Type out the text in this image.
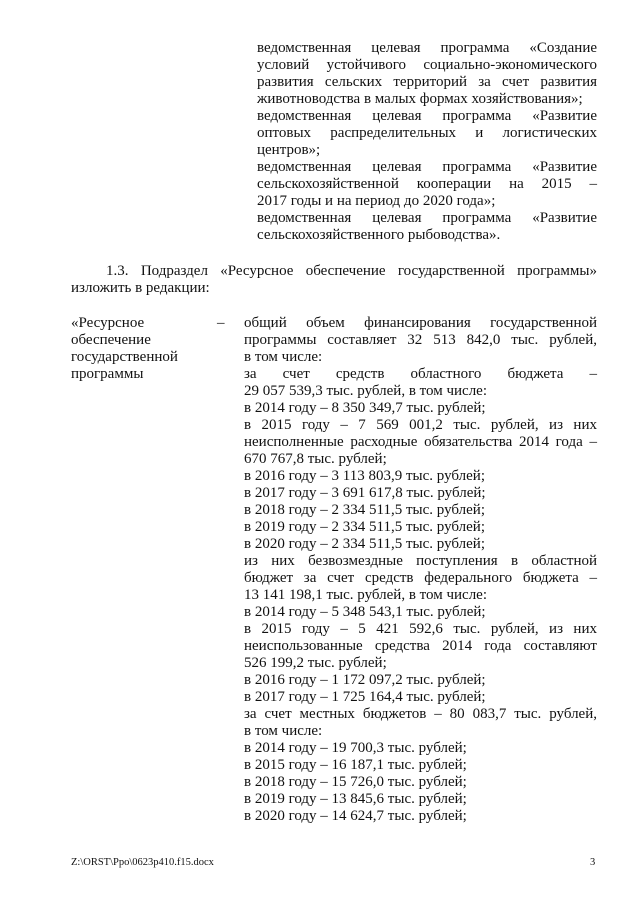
ведомственная целевая программа «Создание
условий устойчивого социально-экономического
развития сельских территорий за счет развития
животноводства в малых формах хозяйствования»;
ведомственная целевая программа «Развитие
оптовых распределительных и логистических
центров»;
ведомственная целевая программа «Развитие
сельскохозяйственной кооперации на 2015 –
2017 годы и на период до 2020 года»;
ведомственная целевая программа «Развитие
сельскохозяйственного рыбоводства».
1.3. Подраздел «Ресурсное обеспечение государственной программы»
изложить в редакции:
«Ресурсное
обеспечение
государственной
программы
– общий объем финансирования государственной
программы составляет 32 513 842,0 тыс. рублей,
в том числе:
за счет средств областного бюджета –
29 057 539,3 тыс. рублей, в том числе:
в 2014 году – 8 350 349,7 тыс. рублей;
в 2015 году – 7 569 001,2 тыс. рублей, из них
неисполненные расходные обязательства 2014 года –
670 767,8 тыс. рублей;
в 2016 году – 3 113 803,9 тыс. рублей;
в 2017 году – 3 691 617,8 тыс. рублей;
в 2018 году – 2 334 511,5 тыс. рублей;
в 2019 году – 2 334 511,5 тыс. рублей;
в 2020 году – 2 334 511,5 тыс. рублей;
из них безвозмездные поступления в областной
бюджет за счет средств федерального бюджета –
13 141 198,1 тыс. рублей, в том числе:
в 2014 году – 5 348 543,1 тыс. рублей;
в 2015 году – 5 421 592,6 тыс. рублей, из них
неиспользованные средства 2014 года составляют
526 199,2 тыс. рублей;
в 2016 году – 1 172 097,2 тыс. рублей;
в 2017 году – 1 725 164,4 тыс. рублей;
за счет местных бюджетов – 80 083,7 тыс. рублей,
в том числе:
в 2014 году – 19 700,3 тыс. рублей;
в 2015 году – 16 187,1 тыс. рублей;
в 2018 году – 15 726,0 тыс. рублей;
в 2019 году – 13 845,6 тыс. рублей;
в 2020 году – 14 624,7 тыс. рублей;
Z:\ORST\Ppo\0623p410.f15.docx	3
